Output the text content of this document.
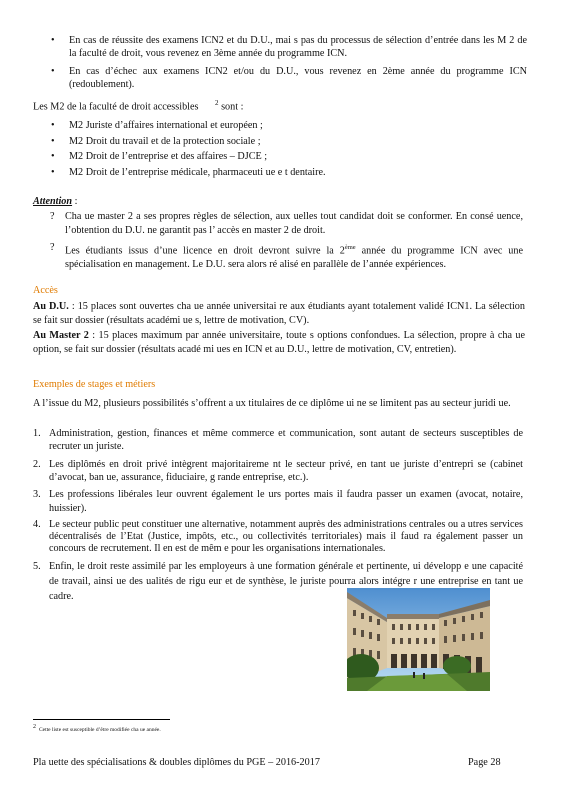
• En cas de réussite des examens ICN2 et du D.U., mai s pas du processus de sélection d’entrée dans les M 2 de la faculté de droit, vous revenez en 3ème année du programme ICN.
• En cas d’échec aux examens ICN2 et/ou du D.U., vous revenez en 2ème année du programme ICN (redoublement).
Les M2 de la faculté de droit accessibles $^2$ sont :
• M2 Juriste d’affaires international et européen ;
• M2 Droit du travail et de la protection sociale ;
• M2 Droit de l’entreprise et des affaires – DJCE ;
• M2 Droit de l’entreprise médicale, pharmaceuti ue e t dentaire.
Attention :
? Cha ue master 2 a ses propres règles de sélection, aux uelles tout candidat doit se conformer. En consé uence, l’obtention du D.U. ne garantit pas l’ accès en master 2 de droit.
? Les étudiants issus d’une licence en droit devront suivre la 2ème année du programme ICN avec une spécialisation en management. Le D.U. sera alors ré alisé en parallèle de l’année expériences.
Accès
Au D.U. : 15 places sont ouvertes cha ue année universitai re aux étudiants ayant totalement validé ICN1. La sélection se fait sur dossier (résultats académi ue s, lettre de motivation, CV).
Au Master 2 : 15 places maximum par année universitaire, toute s options confondues. La sélection, propre à cha ue option, se fait sur dossier (résultats acadé mi ues en ICN et au D.U., lettre de motivation, CV, entretien).
Exemples de stages et métiers
A l’issue du M2, plusieurs possibilités s’offrent a ux titulaires de ce diplôme ui ne se limitent pas au secteur juridi ue.
1. Administration, gestion, finances et même commerce et communication, sont autant de secteurs susceptibles de recruter un juriste.
2. Les diplômés en droit privé intègrent majoritaireme nt le secteur privé, en tant ue juriste d’entrepri se (cabinet d’avocat, ban ue, assurance, fiduciaire, g rande entreprise, etc.).
3. Les professions libérales leur ouvrent également le urs portes mais il faudra passer un examen (avocat, notaire, huissier).
4. Le secteur public peut constituer une alternative, notamment auprès des administrations centrales ou a utres services décentralisés de l’Etat (Justice, impôts, etc., ou collectivités territoriales) mais il faud ra également passer un concours de recrutement. Il en est de mêm e pour les organisations internationales.
5. Enfin, le droit reste assimilé par les employeurs à une formation générale et pertinente, ui développ e une capacité de travail, ainsi ue des ualités de rigu eur et de synthèse, le juriste pourra alors intégre r une entreprise en tant ue cadre.
$^2$ Cette liste est susceptible d’être modifiée cha ue année.
Pla uette des spécialisations & doubles diplômes du PGE – 2016-2017	Page 28
